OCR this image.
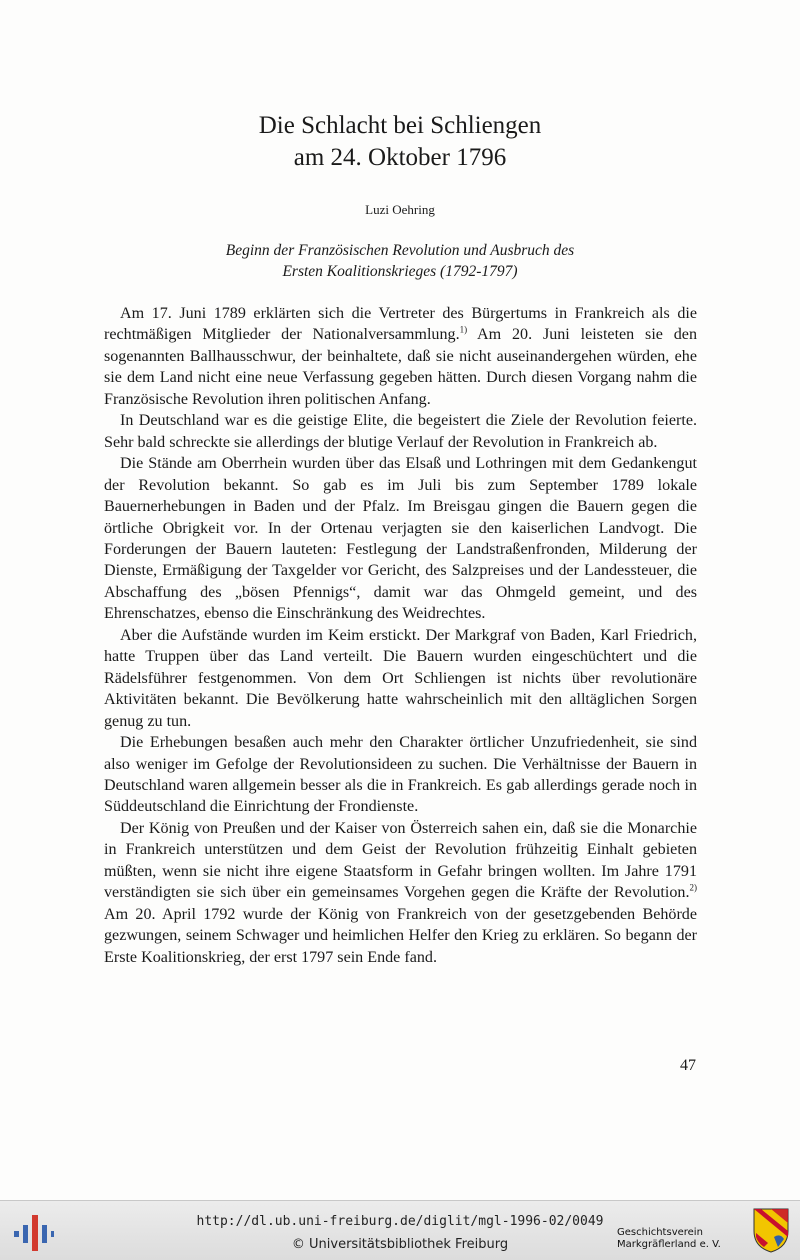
Die Schlacht bei Schliengen
am 24. Oktober 1796
Luzi Oehring
Beginn der Französischen Revolution und Ausbruch des
Ersten Koalitionskrieges (1792-1797)

Am 17. Juni 1789 erklärten sich die Vertreter des Bürgertums in Frankreich als die rechtmäßigen Mitglieder der Nationalversammlung.$^{1)}$ Am 20. Juni leisteten sie den sogenannten Ballhausschwur, der beinhaltete, daß sie nicht auseinandergehen würden, ehe sie dem Land nicht eine neue Verfassung gegeben hätten. Durch diesen Vorgang nahm die Französische Revolution ihren politischen Anfang.

In Deutschland war es die geistige Elite, die begeistert die Ziele der Revolution feierte. Sehr bald schreckte sie allerdings der blutige Verlauf der Revolution in Frankreich ab.

Die Stände am Oberrhein wurden über das Elsaß und Lothringen mit dem Gedankengut der Revolution bekannt. So gab es im Juli bis zum September 1789 lokale Bauernerhebungen in Baden und der Pfalz. Im Breisgau gingen die Bauern gegen die örtliche Obrigkeit vor. In der Ortenau verjagten sie den kaiserlichen Landvogt. Die Forderungen der Bauern lauteten: Festlegung der Landstraßenfronden, Milderung der Dienste, Ermäßigung der Taxgelder vor Gericht, des Salzpreises und der Landessteuer, die Abschaffung des „bösen Pfennigs“, damit war das Ohmgeld gemeint, und des Ehrenschatzes, ebenso die Einschränkung des Weidrechtes.

Aber die Aufstände wurden im Keim erstickt. Der Markgraf von Baden, Karl Friedrich, hatte Truppen über das Land verteilt. Die Bauern wurden eingeschüchtert und die Rädelsführer festgenommen. Von dem Ort Schliengen ist nichts über revolutionäre Aktivitäten bekannt. Die Bevölkerung hatte wahrscheinlich mit den alltäglichen Sorgen genug zu tun.

Die Erhebungen besaßen auch mehr den Charakter örtlicher Unzufriedenheit, sie sind also weniger im Gefolge der Revolutionsideen zu suchen. Die Verhältnisse der Bauern in Deutschland waren allgemein besser als die in Frankreich. Es gab allerdings gerade noch in Süddeutschland die Einrichtung der Frondienste.

Der König von Preußen und der Kaiser von Österreich sahen ein, daß sie die Monarchie in Frankreich unterstützen und dem Geist der Revolution frühzeitig Einhalt gebieten müßten, wenn sie nicht ihre eigene Staatsform in Gefahr bringen wollten. Im Jahre 1791 verständigten sie sich über ein gemeinsames Vorgehen gegen die Kräfte der Revolution.$^{2)}$ Am 20. April 1792 wurde der König von Frankreich von der gesetzgebenden Behörde gezwungen, seinem Schwager und heimlichen Helfer den Krieg zu erklären. So begann der Erste Koalitionskrieg, der erst 1797 sein Ende fand.

47
http://dl.ub.uni-freiburg.de/diglit/mgl-1996-02/0049
© Universitätsbibliothek Freiburg
Geschichtsverein
Markgräflerland e. V.
